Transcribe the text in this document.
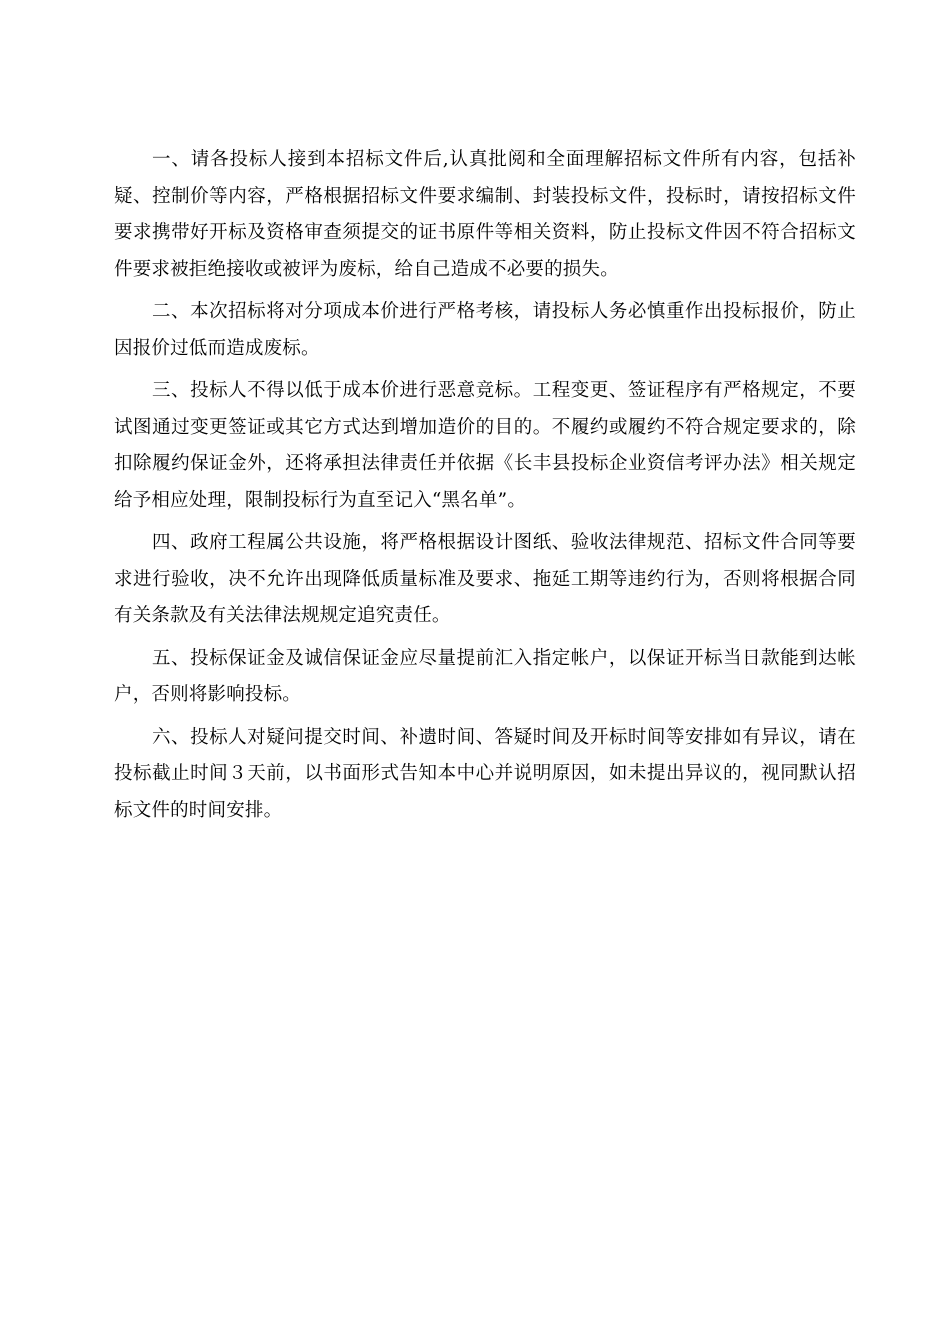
一、请各投标人接到本招标文件后,认真批阅和全面理解招标文件所有内容，包括补疑、控制价等内容，严格根据招标文件要求编制、封装投标文件，投标时，请按招标文件要求携带好开标及资格审查须提交的证书原件等相关资料，防止投标文件因不符合招标文件要求被拒绝接收或被评为废标，给自己造成不必要的损失。

二、本次招标将对分项成本价进行严格考核，请投标人务必慎重作出投标报价，防止因报价过低而造成废标。

三、投标人不得以低于成本价进行恶意竞标。工程变更、签证程序有严格规定，不要试图通过变更签证或其它方式达到增加造价的目的。不履约或履约不符合规定要求的，除扣除履约保证金外，还将承担法律责任并依据《长丰县投标企业资信考评办法》相关规定给予相应处理，限制投标行为直至记入“黑名单”。

四、政府工程属公共设施，将严格根据设计图纸、验收法律规范、招标文件合同等要求进行验收，决不允许出现降低质量标准及要求、拖延工期等违约行为，否则将根据合同有关条款及有关法律法规规定追究责任。

五、投标保证金及诚信保证金应尽量提前汇入指定帐户，以保证开标当日款能到达帐户，否则将影响投标。

六、投标人对疑问提交时间、补遗时间、答疑时间及开标时间等安排如有异议，请在投标截止时间３天前，以书面形式告知本中心并说明原因，如未提出异议的，视同默认招标文件的时间安排。
